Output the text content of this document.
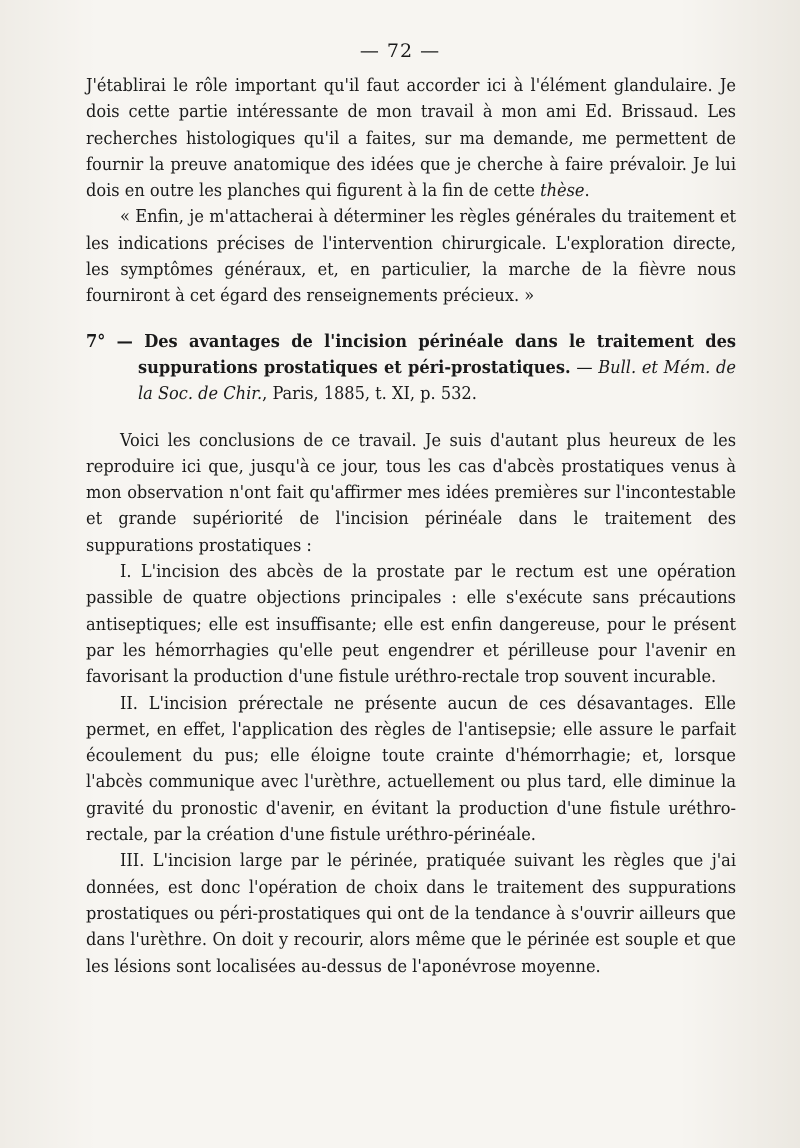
— 72 —

J'établirai le rôle important qu'il faut accorder ici à l'élément glandulaire. Je dois cette partie intéressante de mon travail à mon ami Ed. Brissaud. Les recherches histologiques qu'il a faites, sur ma demande, me permettent de fournir la preuve anatomique des idées que je cherche à faire prévaloir. Je lui dois en outre les planches qui figurent à la fin de cette thèse.

« Enfin, je m'attacherai à déterminer les règles générales du traitement et les indications précises de l'intervention chirurgicale. L'exploration directe, les symptômes généraux, et, en particulier, la marche de la fièvre nous fourniront à cet égard des renseignements précieux. »

7° — Des avantages de l'incision périnéale dans le traitement des suppurations prostatiques et péri-prostatiques. — Bull. et Mém. de la Soc. de Chir., Paris, 1885, t. XI, p. 532.

Voici les conclusions de ce travail. Je suis d'autant plus heureux de les reproduire ici que, jusqu'à ce jour, tous les cas d'abcès prostatiques venus à mon observation n'ont fait qu'affirmer mes idées premières sur l'incontestable et grande supériorité de l'incision périnéale dans le traitement des suppurations prostatiques :

I. L'incision des abcès de la prostate par le rectum est une opération passible de quatre objections principales : elle s'exécute sans précautions antiseptiques; elle est insuffisante; elle est enfin dangereuse, pour le présent par les hémorrhagies qu'elle peut engendrer et périlleuse pour l'avenir en favorisant la production d'une fistule uréthro-rectale trop souvent incurable.

II. L'incision prérectale ne présente aucun de ces désavantages. Elle permet, en effet, l'application des règles de l'antisepsie; elle assure le parfait écoulement du pus; elle éloigne toute crainte d'hémorrhagie; et, lorsque l'abcès communique avec l'urèthre, actuellement ou plus tard, elle diminue la gravité du pronostic d'avenir, en évitant la production d'une fistule uréthro-rectale, par la création d'une fistule uréthro-périnéale.

III. L'incision large par le périnée, pratiquée suivant les règles que j'ai données, est donc l'opération de choix dans le traitement des suppurations prostatiques ou péri-prostatiques qui ont de la tendance à s'ouvrir ailleurs que dans l'urèthre. On doit y recourir, alors même que le périnée est souple et que les lésions sont localisées au-dessus de l'aponévrose moyenne.
